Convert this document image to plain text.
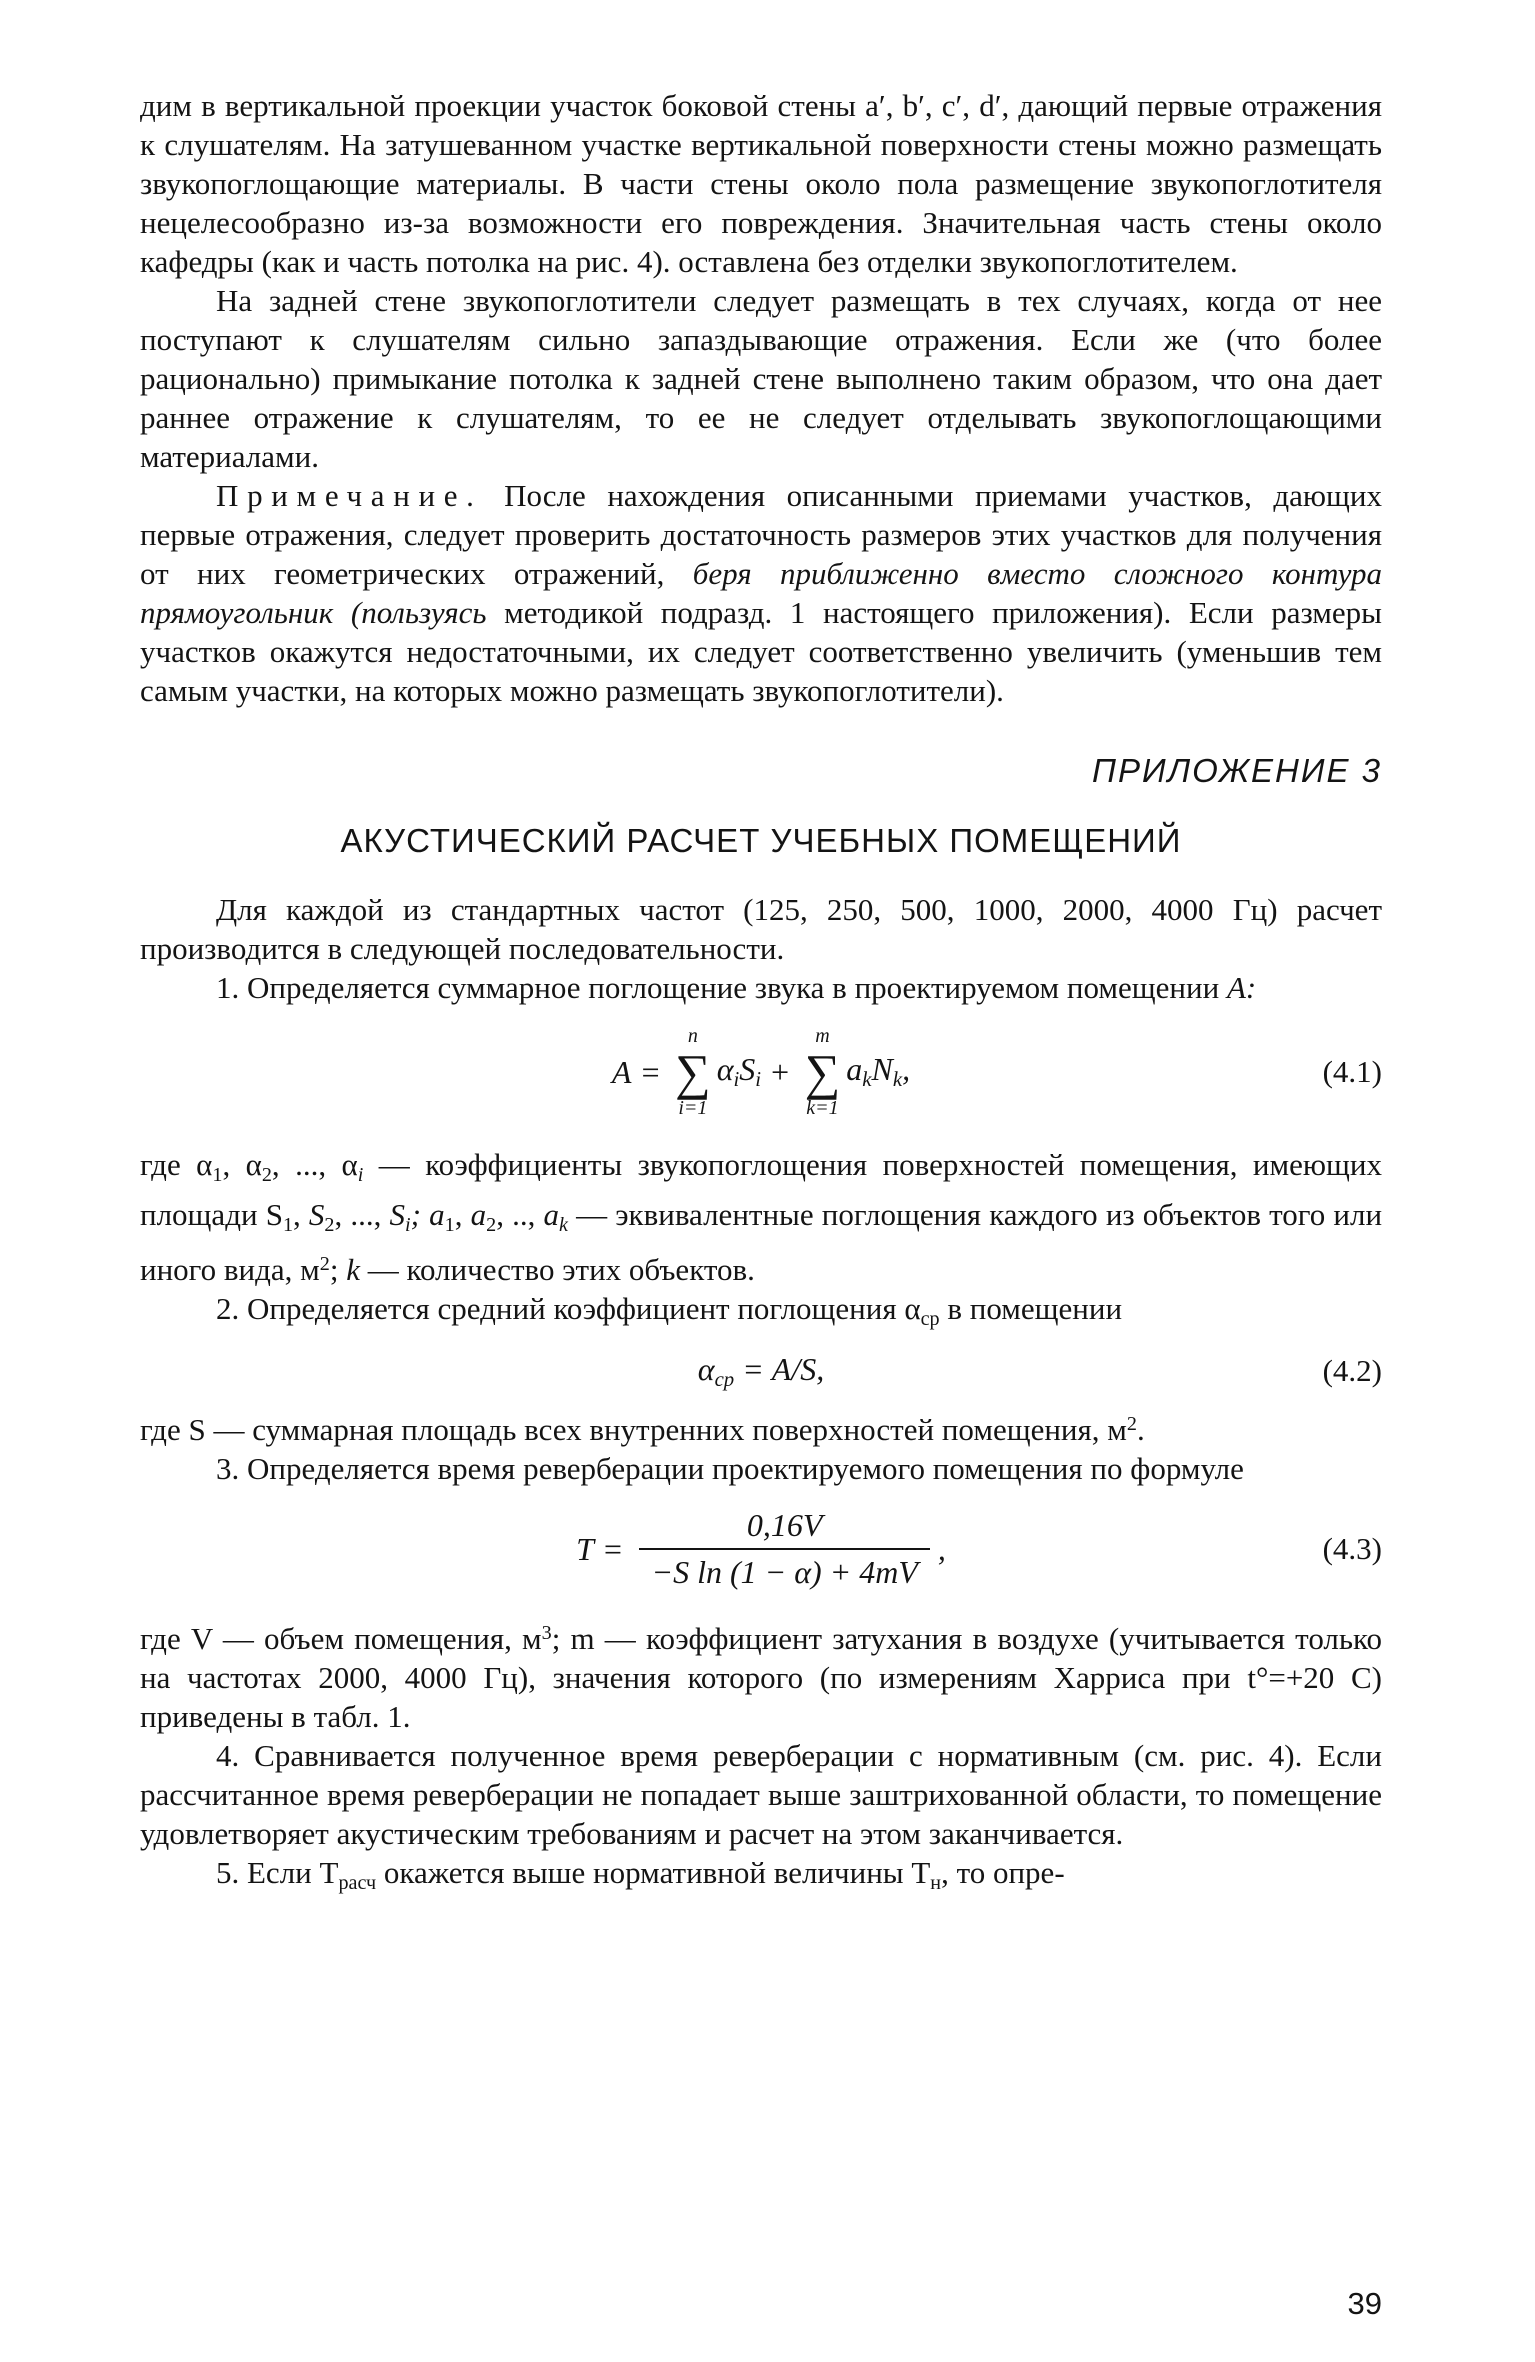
дим в вертикальной проекции участок боковой стены a′, b′, c′, d′, дающий первые отражения к слушателям. На затушеванном участке вертикальной поверхности стены можно размещать звукопоглощающие материалы. В части стены около пола размещение звукопоглотителя нецелесообразно из-за возможности его повреждения. Значительная часть стены около кафедры (как и часть потолка на рис. 4). оставлена без отделки звукопоглотителем.

На задней стене звукопоглотители следует размещать в тех случаях, когда от нее поступают к слушателям сильно запаздывающие отражения. Если же (что более рационально) примыкание потолка к задней стене выполнено таким образом, что она дает раннее отражение к слушателям, то ее не следует отделывать звукопоглощающими материалами.

Примечание. После нахождения описанными приемами участков, дающих первые отражения, следует проверить достаточность размеров этих участков для получения от них геометрических отражений, беря приближенно вместо сложного контура прямоугольник (пользуясь методикой подразд. 1 настоящего приложения). Если размеры участков окажутся недостаточными, их следует соответственно увеличить (уменьшив тем самым участки, на которых можно размещать звукопоглотители).

ПРИЛОЖЕНИЕ 3
АКУСТИЧЕСКИЙ РАСЧЕТ УЧЕБНЫХ ПОМЕЩЕНИЙ

Для каждой из стандартных частот (125, 250, 500, 1000, 2000, 4000 Гц) расчет производится в следующей последовательности.

1. Определяется суммарное поглощение звука в проектируемом помещении A:

A =
n
∑
i=1
$\alpha_iS_i$ +
m
∑
k=1
$a_kN_k$,	(4.1)

где $\alpha_1$, $\alpha_2$, ..., $\alpha_i$ — коэффициенты звукопоглощения поверхностей помещения, имеющих площади $S_1$, $S_2$, ..., $S_i$; $a_1$, $a_2$, .., $a_k$ — эквивалентные поглощения каждого из объектов того или иного вида, $м^2$; k — количество этих объектов.

2. Определяется средний коэффициент поглощения $\alpha_{ср}$ в помещении

$\alpha_{ср} = A/S$,	(4.2)

где S — суммарная площадь всех внутренних поверхностей помещения, $м^2$.

3. Определяется время реверберации проектируемого помещения по формуле

$T = \frac{0,16V}{\text{−S ln (1 − α) + 4mV}}$ ,	(4.3)

где V — объем помещения, $м^3$; m — коэффициент затухания в воздухе (учитывается только на частотах 2000, 4000 Гц), значения которого (по измерениям Харриса при t°=+20 С) приведены в табл. 1.

4. Сравнивается полученное время реверберации с нормативным (см. рис. 4). Если рассчитанное время реверберации не попадает выше заштрихованной области, то помещение удовлетворяет акустическим требованиям и расчет на этом заканчивается.

5. Если $T_{расч}$ окажется выше нормативной величины $T_н$, то опре-

39
